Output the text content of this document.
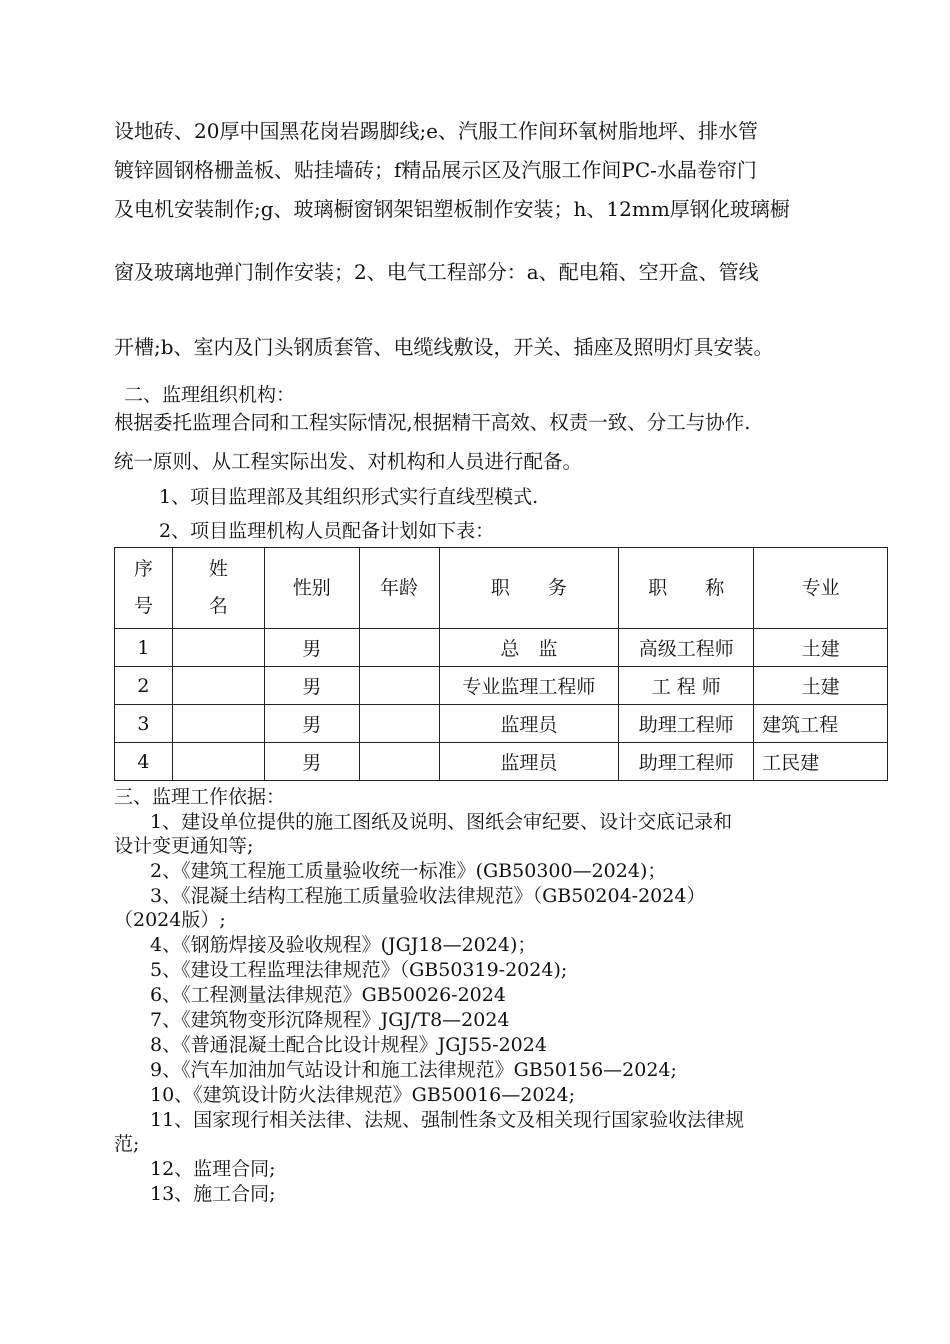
设地砖、20厚中国黑花岗岩踢脚线;e、汽服工作间环氧树脂地坪、排水管
镀锌圆钢格栅盖板、贴挂墙砖；f精品展示区及汽服工作间PC-水晶卷帘门
及电机安装制作;g、玻璃橱窗钢架铝塑板制作安装；h、12mm厚钢化玻璃橱
窗及玻璃地弹门制作安装；2、电气工程部分：a、配电箱、空开盒、管线
开槽;b、室内及门头钢质套管、电缆线敷设，开关、插座及照明灯具安装。
二、监理组织机构：
根据委托监理合同和工程实际情况,根据精干高效、权责一致、分工与协作.
统一原则、从工程实际出发、对机构和人员进行配备。
1、项目监理部及其组织形式实行直线型模式.
2、项目监理机构人员配备计划如下表：
序
号	姓
名	性别	年龄	职　　务	职　　称	专业
1		男		总　监	高级工程师	土建
2		男		专业监理工程师	工 程 师	土建
3		男		监理员	助理工程师	建筑工程
4		男		监理员	助理工程师	工民建
三、监理工作依据：
1、建设单位提供的施工图纸及说明、图纸会审纪要、设计交底记录和
设计变更通知等;
2、《建筑工程施工质量验收统一标准》(GB50300—2024)；
3、《混凝土结构工程施工质量验收法律规范》（GB50204-2024）
（2024版）;
4、《钢筋焊接及验收规程》(JGJ18—2024)；
5、《建设工程监理法律规范》（GB50319-2024);
6、《工程测量法律规范》GB50026-2024
7、《建筑物变形沉降规程》JGJ/T8—2024
8、《普通混凝土配合比设计规程》JGJ55-2024
9、《汽车加油加气站设计和施工法律规范》GB50156—2024;
10、《建筑设计防火法律规范》GB50016—2024;
11、国家现行相关法律、法规、强制性条文及相关现行国家验收法律规
范;
12、监理合同;
13、施工合同;
